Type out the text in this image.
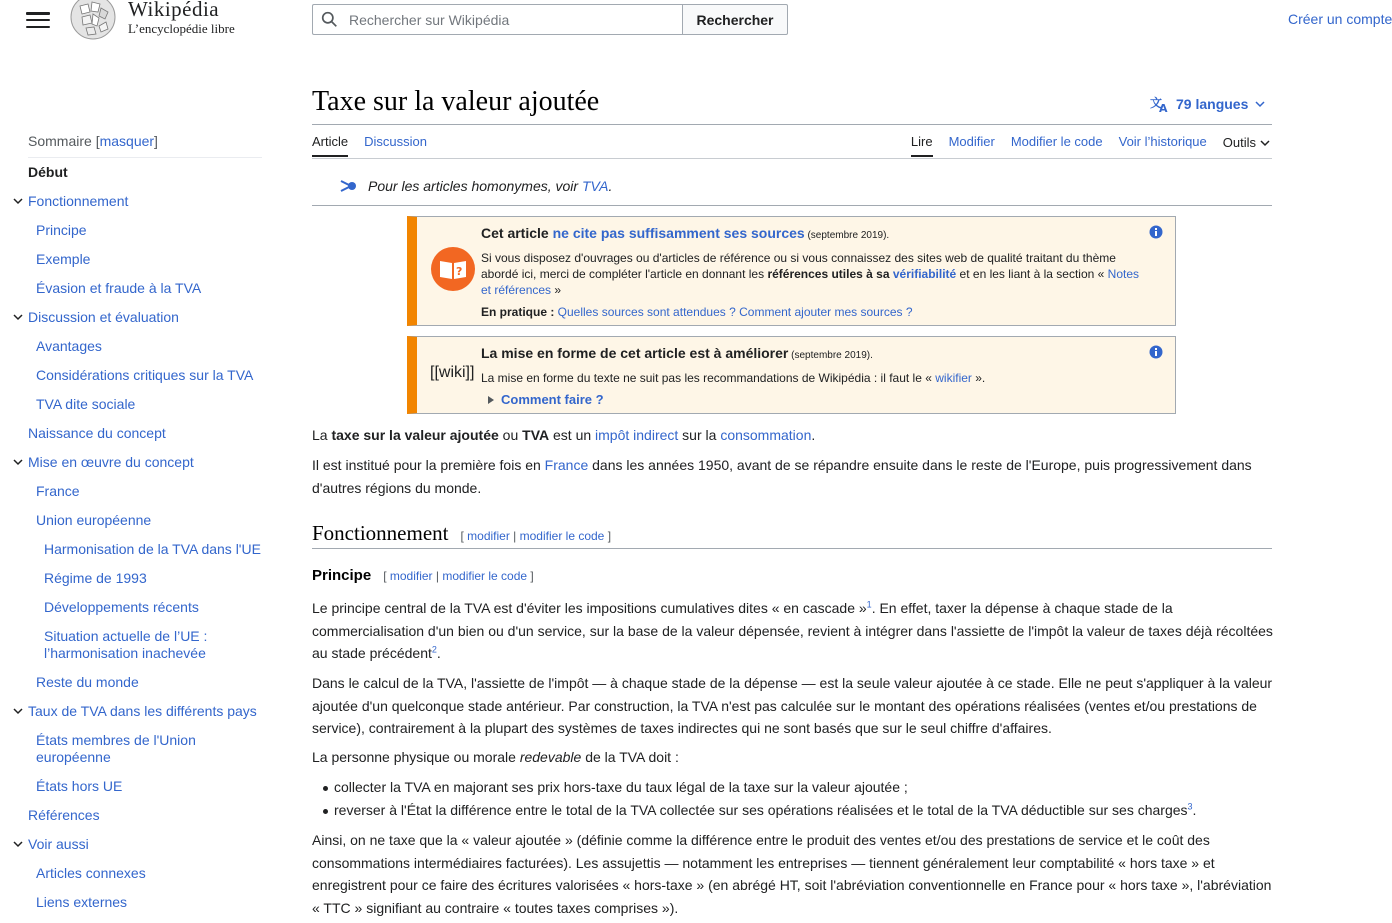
Wikipédia
L’encyclopédie libre
Rechercher sur Wikipédia
Rechercher	Créer un compte
Sommaire [masquer]
Début
Fonctionnement
Principe
Exemple
Évasion et fraude à la TVA
Discussion et évaluation
Avantages
Considérations critiques sur la TVA
TVA dite sociale
Naissance du concept
Mise en œuvre du concept
France
Union européenne
Harmonisation de la TVA dans l'UE
Régime de 1993
Développements récents
Situation actuelle de l’UE : l’harmonisation inachevée
Reste du monde
Taux de TVA dans les différents pays
États membres de l'Union européenne
États hors UE
Références
Voir aussi
Articles connexes
Liens externes
Taxe sur la valeur ajoutée	文
A 79 langues
Article Discussion	Lire Modifier Modifier le code Voir l’historique Outils
Pour les articles homonymes, voir TVA.
?
Cet article ne cite pas suffisamment ses sources (septembre 2019).
Si vous disposez d'ouvrages ou d'articles de référence ou si vous connaissez des sites web de qualité traitant du thème abordé ici, merci de compléter l'article en donnant les références utiles à sa vérifiabilité et en les liant à la section « Notes et références »
En pratique : Quelles sources sont attendues ? Comment ajouter mes sources ?
[[wiki]]
La mise en forme de cet article est à améliorer (septembre 2019).
La mise en forme du texte ne suit pas les recommandations de Wikipédia : il faut le « wikifier ».
Comment faire ?

La taxe sur la valeur ajoutée ou TVA est un impôt indirect sur la consommation.

Il est institué pour la première fois en France dans les années 1950, avant de se répandre ensuite dans le reste de l'Europe, puis progressivement dans d'autres régions du monde.

Fonctionnement [ modifier | modifier le code ]
Principe [ modifier | modifier le code ]

Le principe central de la TVA est d'éviter les impositions cumulatives dites « en cascade »$^1$. En effet, taxer la dépense à chaque stade de la commercialisation d'un bien ou d'un service, sur la base de la valeur dépensée, revient à intégrer dans l'assiette de l'impôt la valeur de taxes déjà récoltées au stade précédent$^2$.

Dans le calcul de la TVA, l'assiette de l'impôt — à chaque stade de la dépense — est la seule valeur ajoutée à ce stade. Elle ne peut s'appliquer à la valeur ajoutée d'un quelconque stade antérieur. Par construction, la TVA n'est pas calculée sur le montant des opérations réalisées (ventes et/ou prestations de service), contrairement à la plupart des systèmes de taxes indirectes qui ne sont basés que sur le seul chiffre d'affaires.

La personne physique ou morale redevable de la TVA doit :

collecter la TVA en majorant ses prix hors-taxe du taux légal de la taxe sur la valeur ajoutée ;
reverser à l'État la différence entre le total de la TVA collectée sur ses opérations réalisées et le total de la TVA déductible sur ses charges$^3$.

Ainsi, on ne taxe que la « valeur ajoutée » (définie comme la différence entre le produit des ventes et/ou des prestations de service et le coût des consommations intermédiaires facturées). Les assujettis — notamment les entreprises — tiennent généralement leur comptabilité « hors taxe » et enregistrent pour ce faire des écritures valorisées « hors-taxe » (en abrégé HT, soit l'abréviation conventionnelle en France pour « hors taxe », l'abréviation « TTC » signifiant au contraire « toutes taxes comprises »).
